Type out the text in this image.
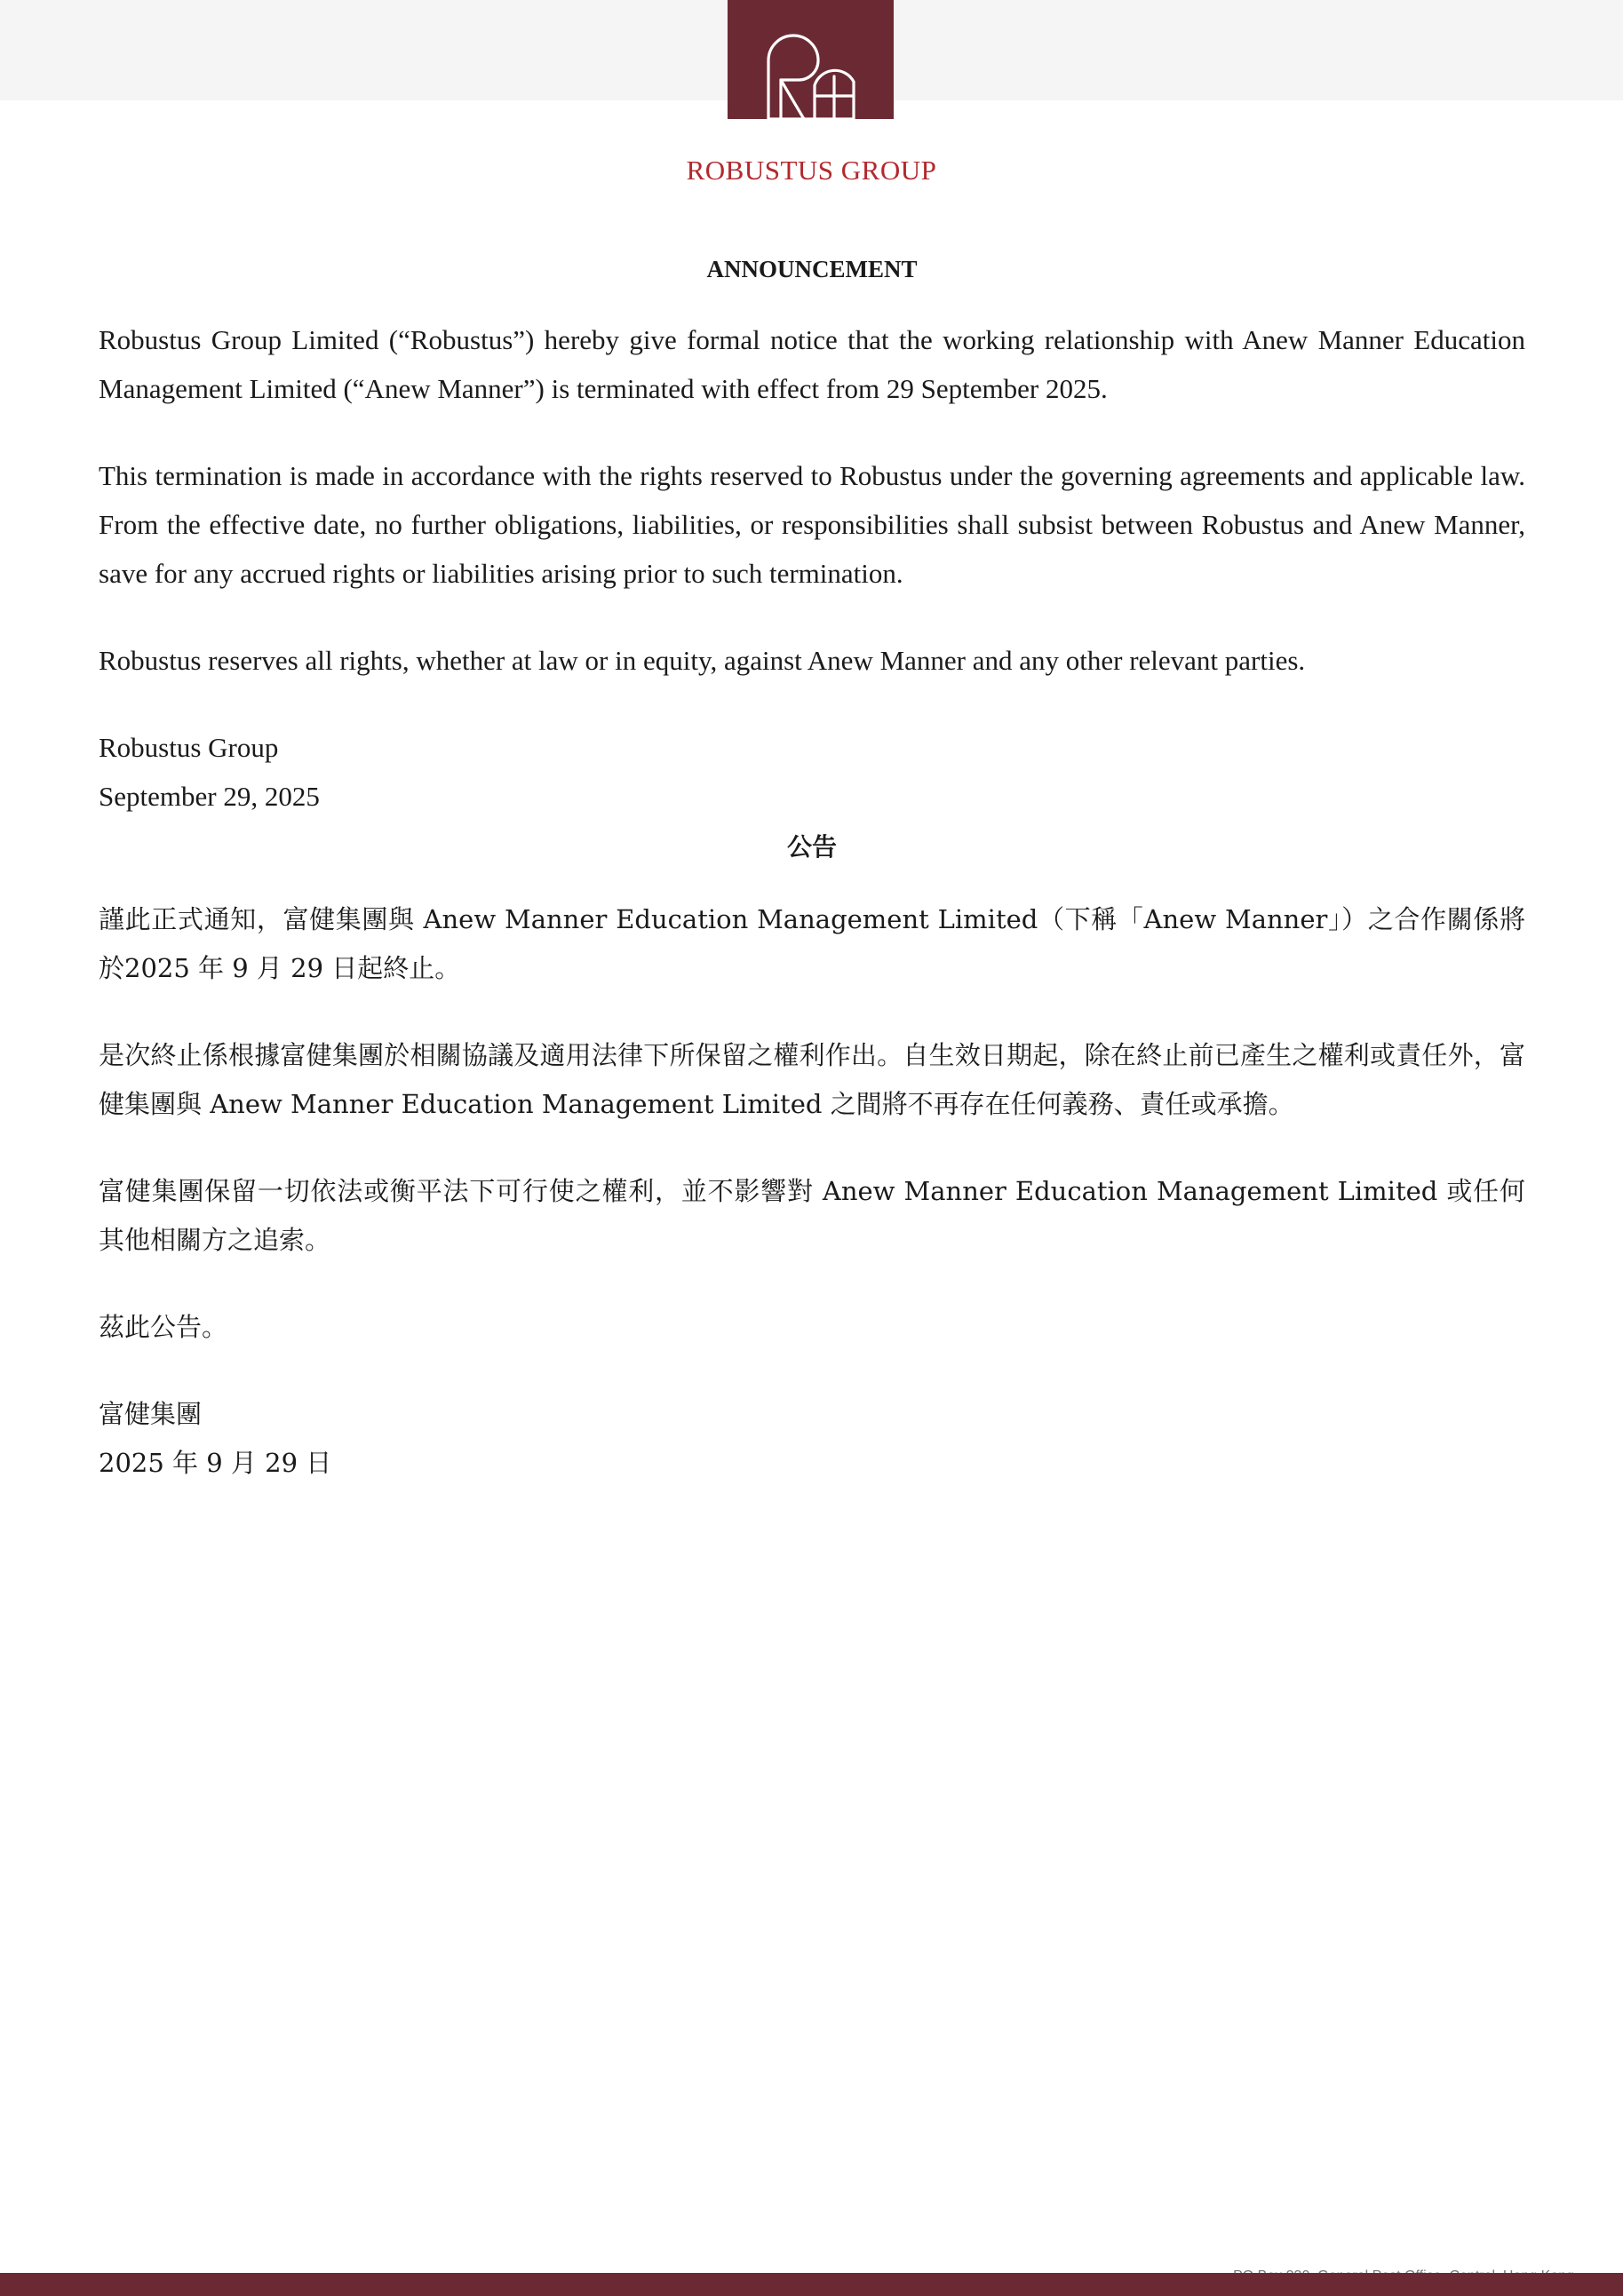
ROBUSTUS GROUP
ANNOUNCEMENT

Robustus Group Limited (“Robustus”) hereby give formal notice that the working relationship with Anew Manner Education Management Limited (“Anew Manner”) is terminated with effect from 29 September 2025.

This termination is made in accordance with the rights reserved to Robustus under the governing agreements and applicable law. From the effective date, no further obligations, liabilities, or responsibilities shall subsist between Robustus and Anew Manner, save for any accrued rights or liabilities arising prior to such termination.

Robustus reserves all rights, whether at law or in equity, against Anew Manner and any other relevant parties.

Robustus Group

September 29, 2025

公告

謹此正式通知，富健集團與 Anew Manner Education Management Limited（下稱「Anew Manner」）之合作關係將於2025 年 9 月 29 日起終止。

是次終止係根據富健集團於相關協議及適用法律下所保留之權利作出。自生效日期起，除在終止前已產生之權利或責任外，富健集團與 Anew Manner Education Management Limited 之間將不再存在任何義務、責任或承擔。

富健集團保留一切依法或衡平法下可行使之權利，並不影響對 Anew Manner Education Management Limited 或任何其他相關方之追索。

茲此公告。

富健集團

2025 年 9 月 29 日
